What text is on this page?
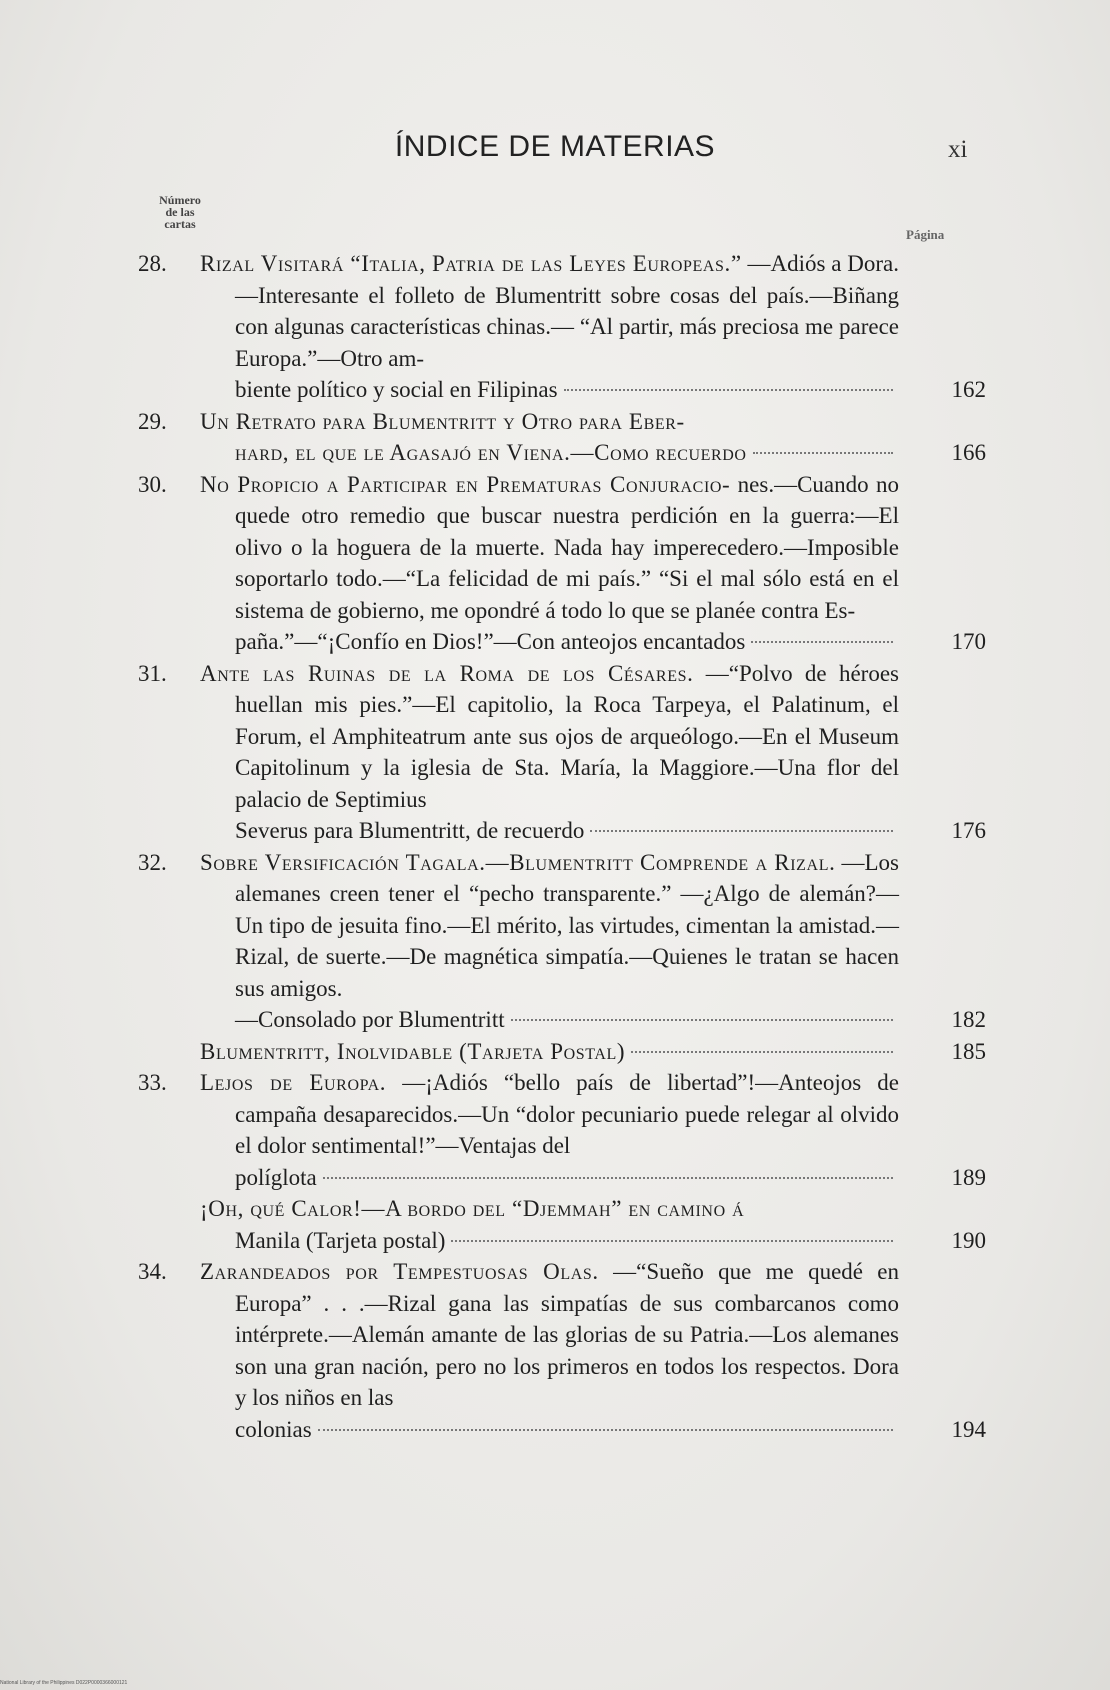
ÍNDICE DE MATERIAS	xi
Número
de las
cartas
Página
28.	Rizal Visitará “Italia, Patria de las Leyes Europeas.” —Adiós a Dora.—Interesante el folleto de Blumentritt sobre cosas del país.—Biñang con algunas características chinas.— “Al partir, más preciosa me parece Europa.”—Otro am-
biente político y social en Filipinas	162
29.	Un Retrato para Blumentritt y Otro para Eber-
hard, el que le Agasajó en Viena.—Como recuerdo	166
30.	No Propicio a Participar en Prematuras Conjuracio- nes.—Cuando no quede otro remedio que buscar nuestra perdición en la guerra:—El olivo o la hoguera de la muerte. Nada hay imperecedero.—Imposible soportarlo todo.—“La felicidad de mi país.” “Si el mal sólo está en el sistema de gobierno, me opondré á todo lo que se planée contra Es-
paña.”—“¡Confío en Dios!”—Con anteojos encantados	170
31.	Ante las Ruinas de la Roma de los Césares. —“Polvo de héroes huellan mis pies.”—El capitolio, la Roca Tarpeya, el Palatinum, el Forum, el Amphiteatrum ante sus ojos de arqueólogo.—En el Museum Capitolinum y la iglesia de Sta. María, la Maggiore.—Una flor del palacio de Septimius
Severus para Blumentritt, de recuerdo	176
32.	Sobre Versificación Tagala.—Blumentritt Comprende a Rizal. —Los alemanes creen tener el “pecho transparente.” —¿Algo de alemán?—Un tipo de jesuita fino.—El mérito, las virtudes, cimentan la amistad.—Rizal, de suerte.—De magnética simpatía.—Quienes le tratan se hacen sus amigos.
—Consolado por Blumentritt	182
Blumentritt, Inolvidable (Tarjeta Postal)	185
33.	Lejos de Europa. —¡Adiós “bello país de libertad”!—Anteojos de campaña desaparecidos.—Un “dolor pecuniario puede relegar al olvido el dolor sentimental!”—Ventajas del
políglota	189
¡Oh, qué Calor!—A bordo del “Djemmah” en camino á
Manila (Tarjeta postal)	190
34.	Zarandeados por Tempestuosas Olas. —“Sueño que me quedé en Europa” . . .—Rizal gana las simpatías de sus combarcanos como intérprete.—Alemán amante de las glorias de su Patria.—Los alemanes son una gran nación, pero no los primeros en todos los respectos. Dora y los niños en las
colonias	194
National Library of the Philippines D022P0000366000121
